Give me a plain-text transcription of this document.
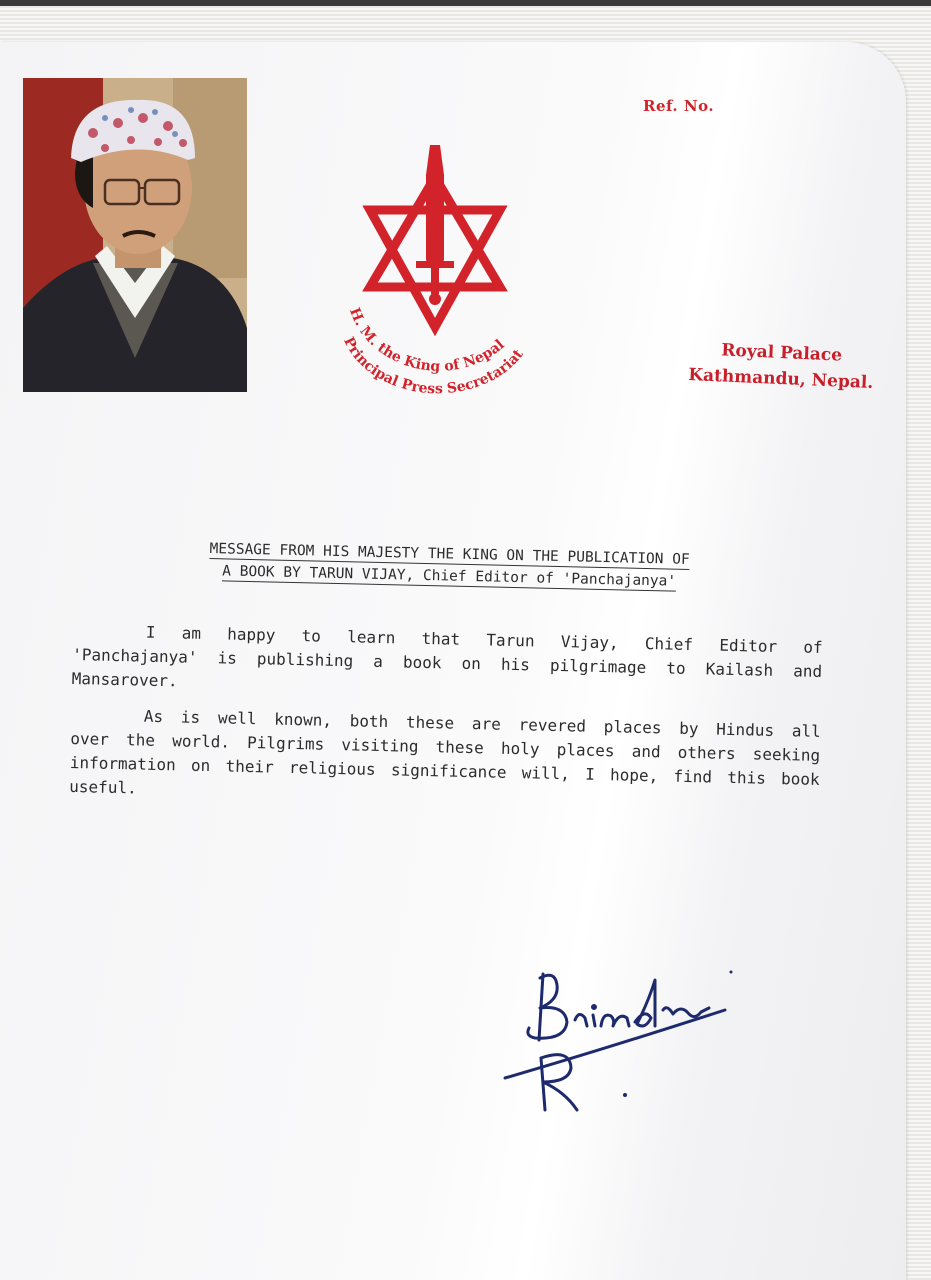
Ref. No.
H. M. the King of Nepal
Principal Press Secretariat	Royal Palace
Kathmandu, Nepal.
MESSAGE FROM HIS MAJESTY THE KING ON THE PUBLICATION OF
A BOOK BY TARUN VIJAY, Chief Editor of 'Panchajanya'
I am happy to learn that Tarun Vijay, Chief Editor of 'Panchajanya' is publishing a book on his pilgrimage to Kailash and Mansarover.
As is well known, both these are revered places by Hindus all over the world. Pilgrims visiting these holy places and others seeking information on their religious significance will, I hope, find this book useful.
